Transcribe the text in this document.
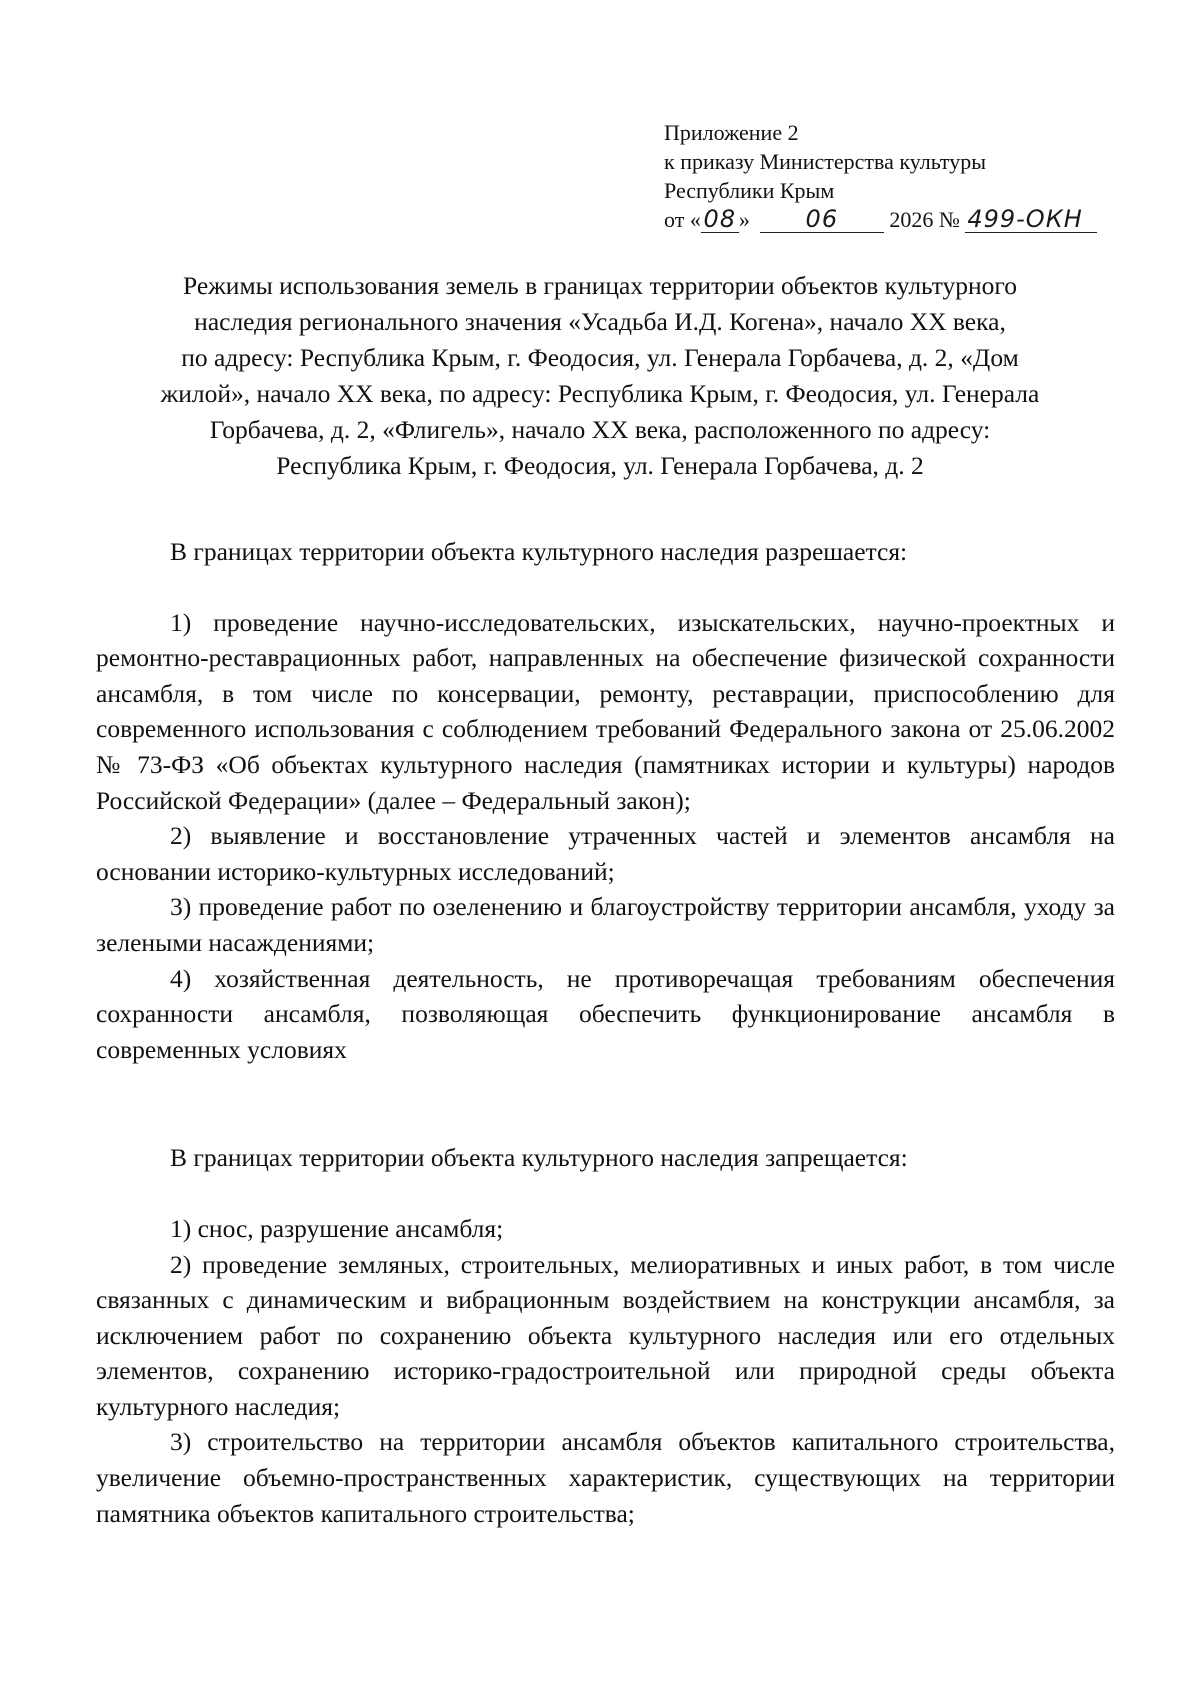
Приложение 2
к приказу Министерства культуры
Республики Крым
от « 08 » 06 2026 № 499-ОКН
Режимы использования земель в границах территории объектов культурного
наследия регионального значения «Усадьба И.Д. Когена», начало XX века,
по адресу: Республика Крым, г. Феодосия, ул. Генерала Горбачева, д. 2, «Дом
жилой», начало XX века, по адресу: Республика Крым, г. Феодосия, ул. Генерала
Горбачева, д. 2, «Флигель», начало XX века, расположенного по адресу:
Республика Крым, г. Феодосия, ул. Генерала Горбачева, д. 2

В границах территории объекта культурного наследия разрешается:

1) проведение научно-исследовательских, изыскательских, научно-проектных и ремонтно-реставрационных работ, направленных на обеспечение физической сохранности ансамбля, в том числе по консервации, ремонту, реставрации, приспособлению для современного использования с соблюдением требований Федерального закона от 25.06.2002 № 73-ФЗ «Об объектах культурного наследия (памятниках истории и культуры) народов Российской Федерации» (далее – Федеральный закон);

2) выявление и восстановление утраченных частей и элементов ансамбля на основании историко-культурных исследований;

3) проведение работ по озеленению и благоустройству территории ансамбля, уходу за зелеными насаждениями;

4) хозяйственная деятельность, не противоречащая требованиям обеспечения сохранности ансамбля, позволяющая обеспечить функционирование ансамбля в современных условиях

В границах территории объекта культурного наследия запрещается:

1) снос, разрушение ансамбля;

2) проведение земляных, строительных, мелиоративных и иных работ, в том числе связанных с динамическим и вибрационным воздействием на конструкции ансамбля, за исключением работ по сохранению объекта культурного наследия или его отдельных элементов, сохранению историко-градостроительной или природной среды объекта культурного наследия;

3) строительство на территории ансамбля объектов капитального строительства, увеличение объемно-пространственных характеристик, существующих на территории памятника объектов капитального строительства;
